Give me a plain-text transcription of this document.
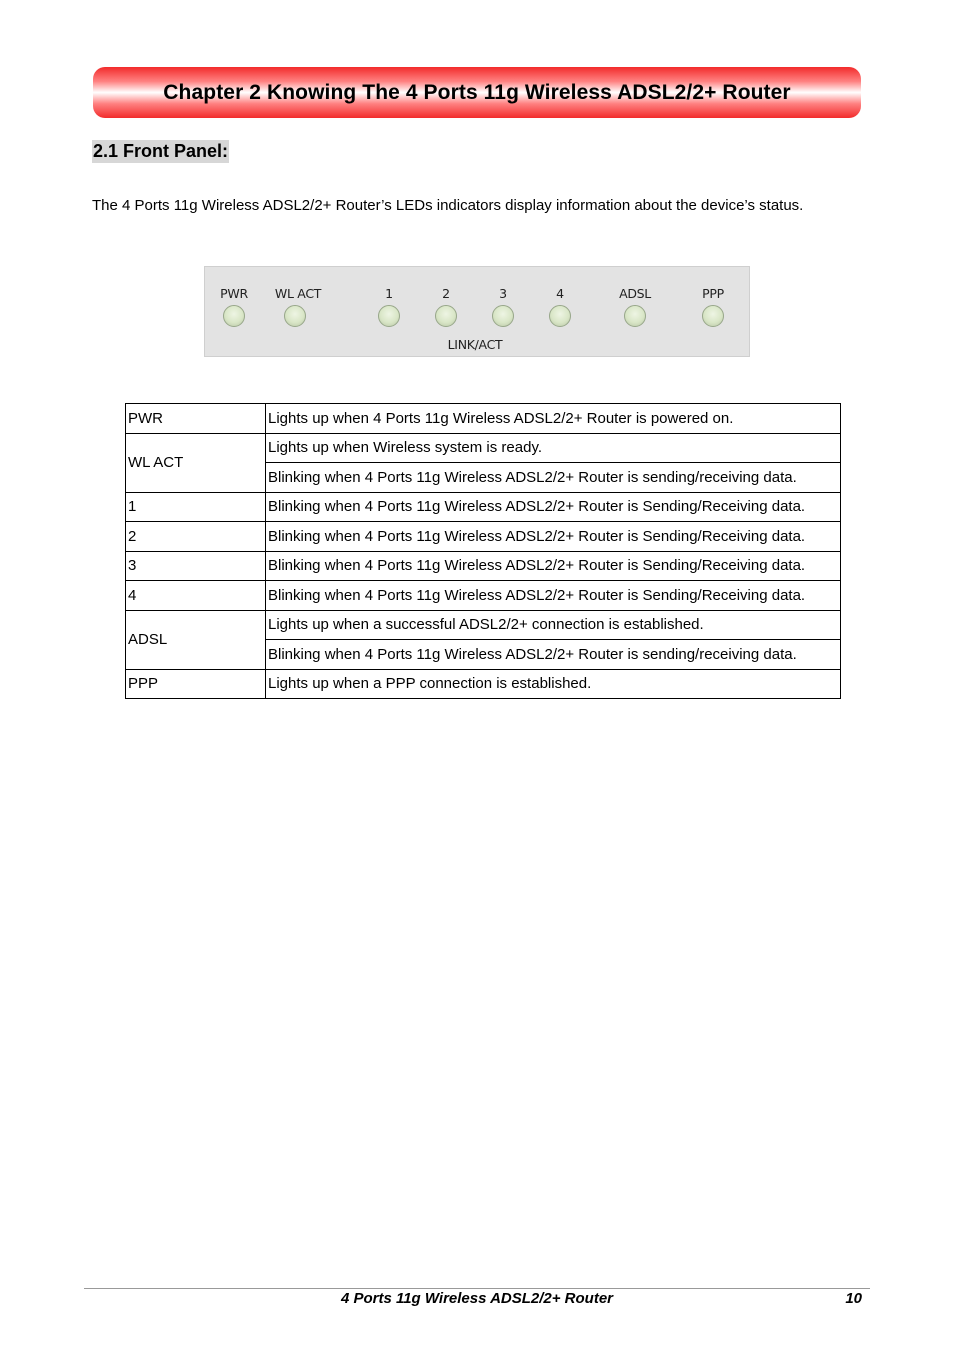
Chapter 2 Knowing The 4 Ports 11g Wireless ADSL2/2+ Router
2.1 Front Panel:
The 4 Ports 11g Wireless ADSL2/2+ Router’s LEDs indicators display information about the device’s status.
PWR WL ACT	1	2	3	4	ADSL	PPP
LINK/ACT
PWR	Lights up when 4 Ports 11g Wireless ADSL2/2+ Router is powered on.
WL ACT	Lights up when Wireless system is ready.
	Blinking when 4 Ports 11g Wireless ADSL2/2+ Router is sending/receiving data.
1	Blinking when 4 Ports 11g Wireless ADSL2/2+ Router is Sending/Receiving data.
2	Blinking when 4 Ports 11g Wireless ADSL2/2+ Router is Sending/Receiving data.
3	Blinking when 4 Ports 11g Wireless ADSL2/2+ Router is Sending/Receiving data.
4	Blinking when 4 Ports 11g Wireless ADSL2/2+ Router is Sending/Receiving data.
ADSL	Lights up when a successful ADSL2/2+ connection is established.
	Blinking when 4 Ports 11g Wireless ADSL2/2+ Router is sending/receiving data.
PPP	Lights up when a PPP connection is established.
4 Ports 11g Wireless ADSL2/2+ Router	10
